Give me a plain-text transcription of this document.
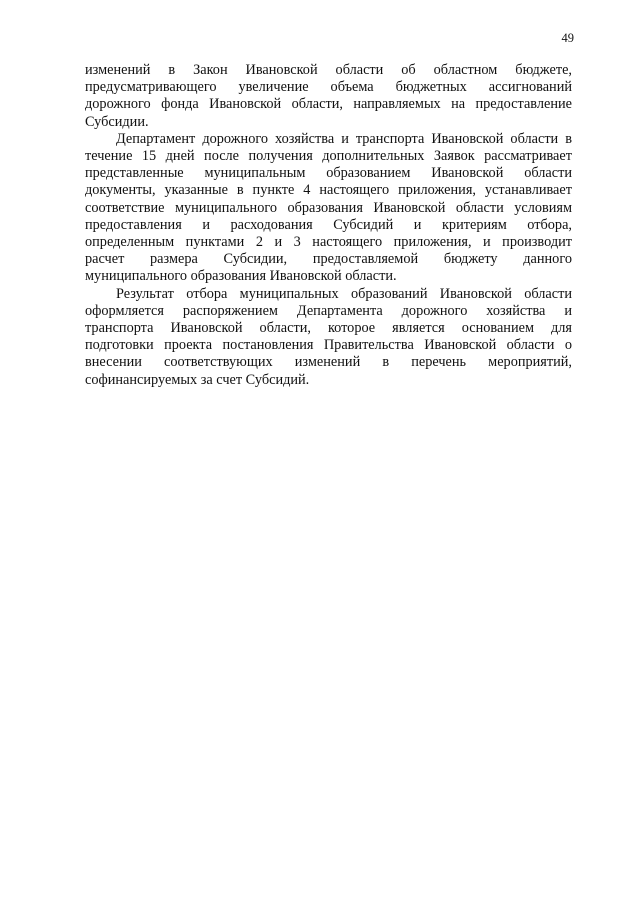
49

изменений в Закон Ивановской области об областном бюджете,
предусматривающего увеличение объема бюджетных ассигнований
дорожного фонда Ивановской области, направляемых на предоставление
Субсидии.

Департамент дорожного хозяйства и транспорта Ивановской области в
течение 15 дней после получения дополнительных Заявок рассматривает
представленные муниципальным образованием Ивановской области
документы, указанные в пункте 4 настоящего приложения, устанавливает
соответствие муниципального образования Ивановской области условиям
предоставления и расходования Субсидий и критериям отбора,
определенным пунктами 2 и 3 настоящего приложения, и производит
расчет размера Субсидии, предоставляемой бюджету данного
муниципального образования Ивановской области.

Результат отбора муниципальных образований Ивановской области
оформляется распоряжением Департамента дорожного хозяйства и
транспорта Ивановской области, которое является основанием для
подготовки проекта постановления Правительства Ивановской области о
внесении соответствующих изменений в перечень мероприятий,
софинансируемых за счет Субсидий.
